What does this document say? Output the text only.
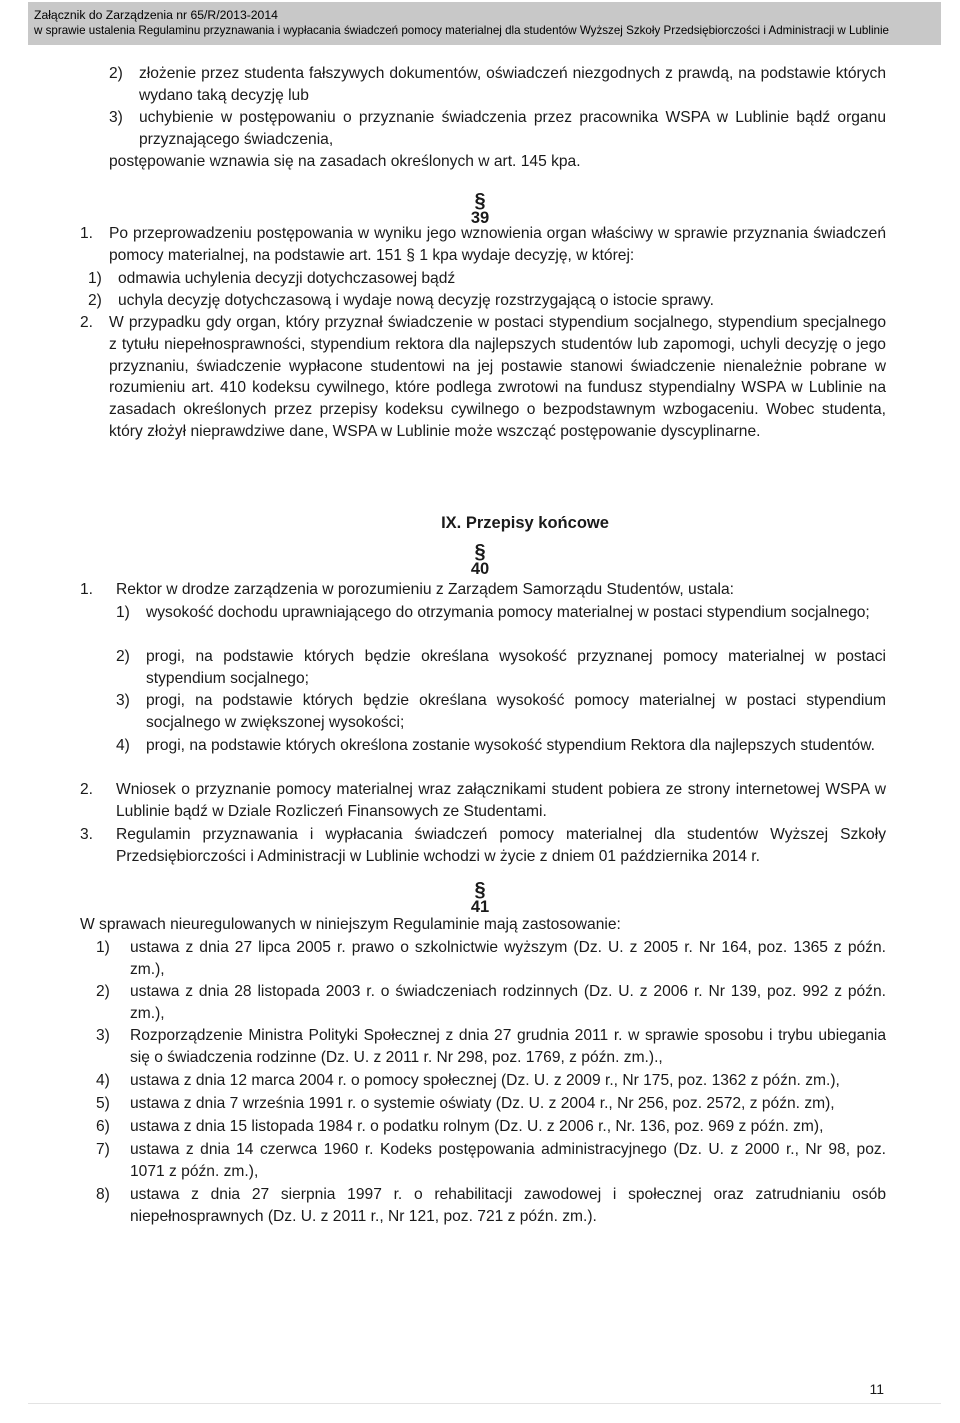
Załącznik do Zarządzenia nr 65/R/2013-2014
w sprawie ustalenia Regulaminu przyznawania i wypłacania świadczeń pomocy materialnej dla studentów Wyższej Szkoły Przedsiębiorczości i Administracji w Lublinie
2) złożenie przez studenta fałszywych dokumentów, oświadczeń niezgodnych z prawdą, na podstawie których wydano taką decyzję lub
3) uchybienie w postępowaniu o przyznanie świadczenia przez pracownika WSPA w Lublinie bądź organu przyznającego świadczenia,
postępowanie wznawia się na zasadach określonych w art. 145 kpa.
§
39
1. Po przeprowadzeniu postępowania w wyniku jego wznowienia organ właściwy w sprawie przyznania świadczeń pomocy materialnej, na podstawie art. 151 § 1 kpa wydaje decyzję, w której:
1) odmawia uchylenia decyzji dotychczasowej bądź
2) uchyla decyzję dotychczasową i wydaje nową decyzję rozstrzygającą o istocie sprawy.
2. W przypadku gdy organ, który przyznał świadczenie w postaci stypendium socjalnego, stypendium specjalnego z tytułu niepełnosprawności, stypendium rektora dla najlepszych studentów lub zapomogi, uchyli decyzję o jego przyznaniu, świadczenie wypłacone studentowi na jej postawie stanowi świadczenie nienależnie pobrane w rozumieniu art. 410 kodeksu cywilnego, które podlega zwrotowi na fundusz stypendialny WSPA w Lublinie na zasadach określonych przez przepisy kodeksu cywilnego o bezpodstawnym wzbogaceniu. Wobec studenta, który złożył nieprawdziwe dane, WSPA w Lublinie może wszcząć postępowanie dyscyplinarne.
IX. Przepisy końcowe
§
40
1. Rektor w drodze zarządzenia w porozumieniu z Zarządem Samorządu Studentów, ustala:
1) wysokość dochodu uprawniającego do otrzymania pomocy materialnej w postaci stypendium socjalnego;
2) progi, na podstawie których będzie określana wysokość przyznanej pomocy materialnej w postaci stypendium socjalnego;
3) progi, na podstawie których będzie określana wysokość pomocy materialnej w postaci stypendium socjalnego w zwiększonej wysokości;
4) progi, na podstawie których określona zostanie wysokość stypendium Rektora dla najlepszych studentów.
2. Wniosek o przyznanie pomocy materialnej wraz załącznikami student pobiera ze strony internetowej WSPA w Lublinie bądź w Dziale Rozliczeń Finansowych ze Studentami.
3. Regulamin przyznawania i wypłacania świadczeń pomocy materialnej dla studentów Wyższej Szkoły Przedsiębiorczości i Administracji w Lublinie wchodzi w życie z dniem 01 października 2014 r.
§
41
W sprawach nieuregulowanych w niniejszym Regulaminie mają zastosowanie:
1) ustawa z dnia 27 lipca 2005 r. prawo o szkolnictwie wyższym (Dz. U. z 2005 r. Nr 164, poz. 1365 z późn. zm.),
2) ustawa z dnia 28 listopada 2003 r. o świadczeniach rodzinnych (Dz. U. z 2006 r. Nr 139, poz. 992 z późn. zm.),
3) Rozporządzenie Ministra Polityki Społecznej z dnia 27 grudnia 2011 r. w sprawie sposobu i trybu ubiegania się o świadczenia rodzinne (Dz. U. z 2011 r. Nr 298, poz. 1769, z późn. zm.).,
4) ustawa z dnia 12 marca 2004 r. o pomocy społecznej (Dz. U. z 2009 r., Nr 175, poz. 1362 z późn. zm.),
5) ustawa z dnia 7 września 1991 r. o systemie oświaty (Dz. U. z 2004 r., Nr 256, poz. 2572, z późn. zm),
6) ustawa z dnia 15 listopada 1984 r. o podatku rolnym (Dz. U. z 2006 r., Nr. 136, poz. 969 z późn. zm),
7) ustawa z dnia 14 czerwca 1960 r. Kodeks postępowania administracyjnego (Dz. U. z 2000 r., Nr 98, poz. 1071 z późn. zm.),
8) ustawa z dnia 27 sierpnia 1997 r. o rehabilitacji zawodowej i społecznej oraz zatrudnianiu osób niepełnosprawnych (Dz. U. z 2011 r., Nr 121, poz. 721 z późn. zm.).
11
